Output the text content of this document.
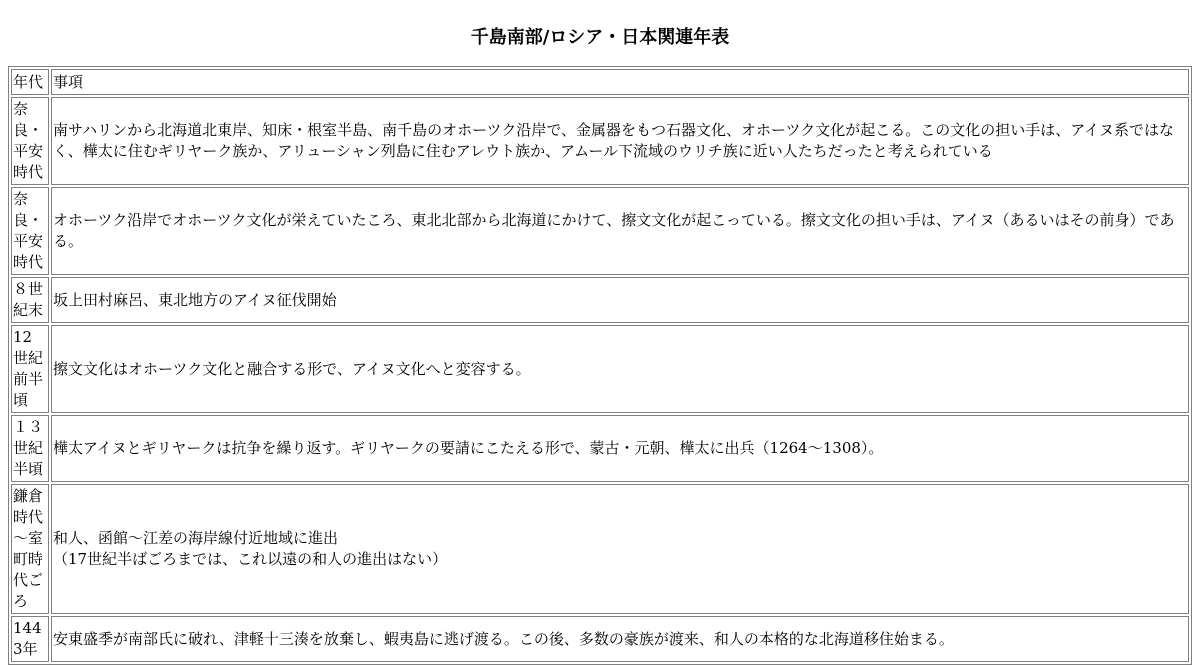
千島南部/ロシア・日本関連年表
年代	事項
奈良・平安時代	南サハリンから北海道北東岸、知床・根室半島、南千島のオホーツク沿岸で、金属器をもつ石器文化、オホーツク文化が起こる。この文化の担い手は、アイヌ系ではなく、樺太に住むギリヤーク族か、アリューシャン列島に住むアレウト族か、アムール下流域のウリチ族に近い人たちだったと考えられている
奈良・平安時代	オホーツク沿岸でオホーツク文化が栄えていたころ、東北北部から北海道にかけて、擦文文化が起こっている。擦文文化の担い手は、アイヌ（あるいはその前身）である。
８世紀末	坂上田村麻呂、東北地方のアイヌ征伐開始
12世紀前半頃	擦文文化はオホーツク文化と融合する形で、アイヌ文化へと変容する。
１３世紀半頃	樺太アイヌとギリヤークは抗争を繰り返す。ギリヤークの要請にこたえる形で、蒙古・元朝、樺太に出兵（1264～1308）。
鎌倉時代～室町時代ごろ	和人、函館～江差の海岸線付近地域に進出
（17世紀半ばごろまでは、これ以遠の和人の進出はない）
1443年	安東盛季が南部氏に破れ、津軽十三湊を放棄し、蝦夷島に逃げ渡る。この後、多数の豪族が渡来、和人の本格的な北海道移住始まる。
